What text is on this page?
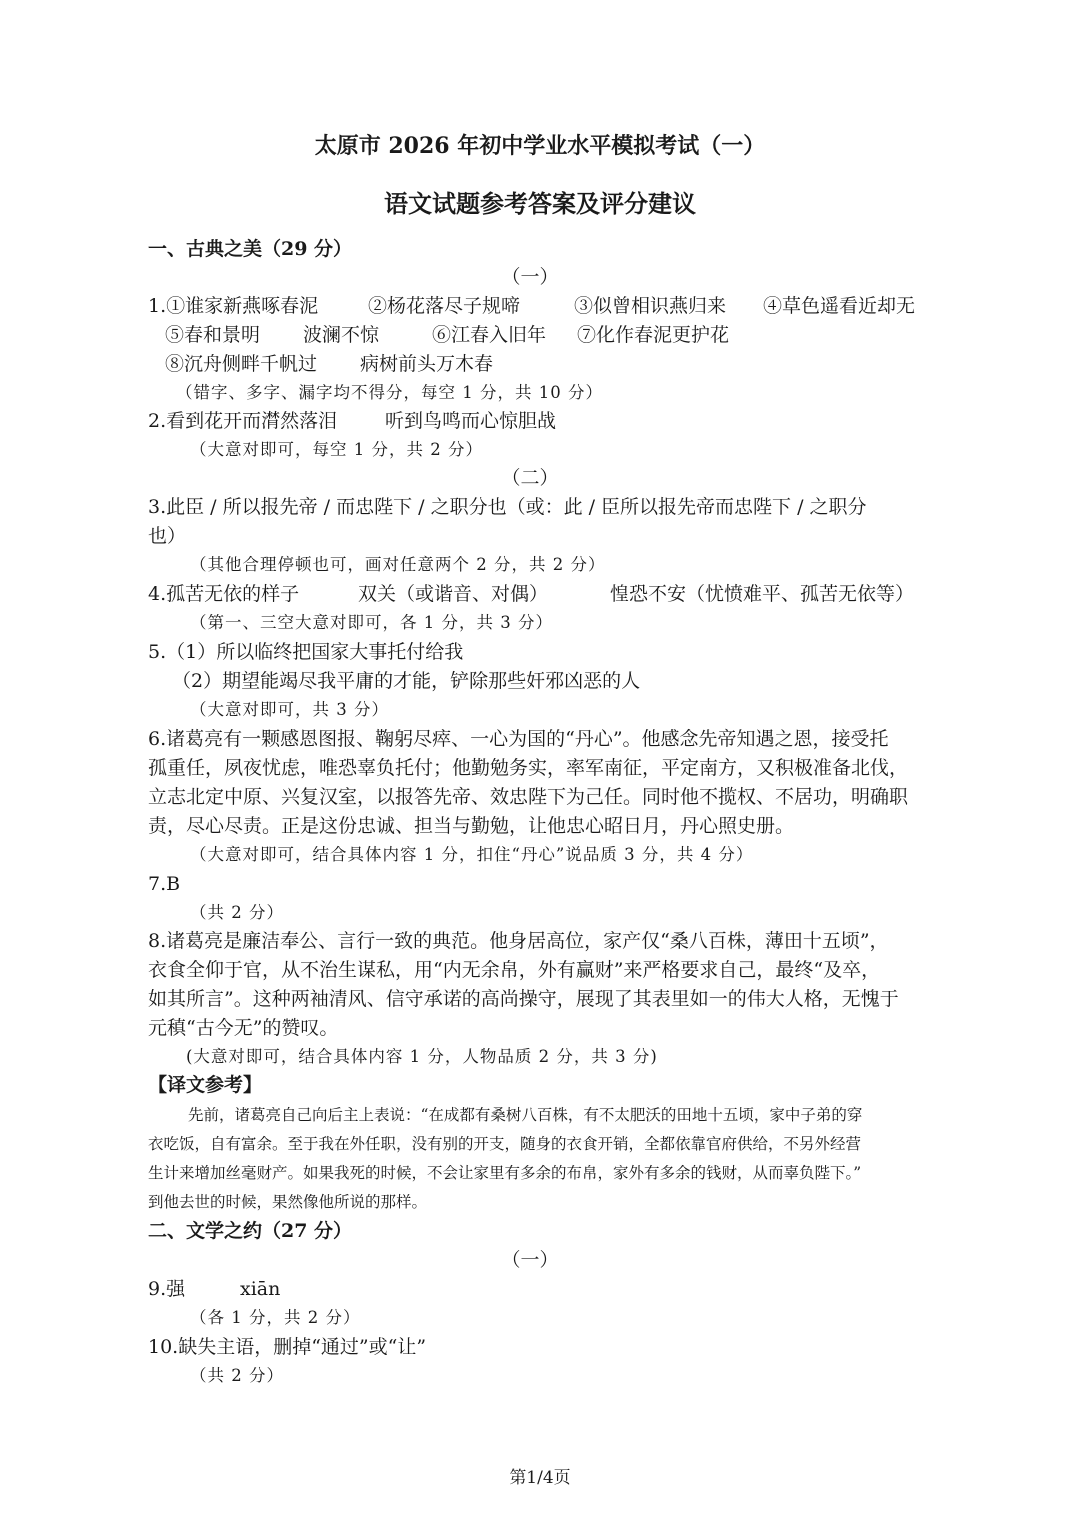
太原市 2026 年初中学业水平模拟考试（一）
语文试题参考答案及评分建议
一、古典之美（29 分）
（一）
1.①谁家新燕啄春泥	②杨花落尽子规啼	③似曾相识燕归来 ④草色遥看近却无
⑤春和景明 波澜不惊	⑥江春入旧年 ⑦化作春泥更护花
⑧沉舟侧畔千帆过 病树前头万木春
（错字、多字、漏字均不得分，每空 1 分，共 10 分）
2.看到花开而潸然落泪	听到鸟鸣而心惊胆战
（大意对即可，每空 1 分，共 2 分）
（二）
3.此臣 / 所以报先帝 / 而忠陛下 / 之职分也（或：此 / 臣所以报先帝而忠陛下 / 之职分
也）
（其他合理停顿也可，画对任意两个 2 分，共 2 分）
4.孤苦无依的样子	双关（或谐音、对偶）	惶恐不安（忧愤难平、孤苦无依等）
（第一、三空大意对即可，各 1 分，共 3 分）
5.（1）所以临终把国家大事托付给我
（2）期望能竭尽我平庸的才能，铲除那些奸邪凶恶的人
（大意对即可，共 3 分）
6.诸葛亮有一颗感恩图报、鞠躬尽瘁、一心为国的“丹心”。他感念先帝知遇之恩，接受托
孤重任，夙夜忧虑，唯恐辜负托付；他勤勉务实，率军南征，平定南方，又积极准备北伐，
立志北定中原、兴复汉室，以报答先帝、效忠陛下为己任。同时他不揽权、不居功，明确职
责，尽心尽责。正是这份忠诚、担当与勤勉，让他忠心昭日月，丹心照史册。
（大意对即可，结合具体内容 1 分，扣住“丹心”说品质 3 分，共 4 分）
7.B
（共 2 分）
8.诸葛亮是廉洁奉公、言行一致的典范。他身居高位，家产仅“桑八百株，薄田十五顷”，
衣食全仰于官，从不治生谋私，用“内无余帛，外有赢财”来严格要求自己，最终“及卒，
如其所言”。这种两袖清风、信守承诺的高尚操守，展现了其表里如一的伟大人格，无愧于
元稹“古今无”的赞叹。
(大意对即可，结合具体内容 1 分，人物品质 2 分，共 3 分)
【译文参考】
先前，诸葛亮自己向后主上表说：“在成都有桑树八百株，有不太肥沃的田地十五顷，家中子弟的穿
衣吃饭，自有富余。至于我在外任职，没有别的开支，随身的衣食开销，全都依靠官府供给，不另外经营
生计来增加丝毫财产。如果我死的时候，不会让家里有多余的布帛，家外有多余的钱财，从而辜负陛下。”
到他去世的时候，果然像他所说的那样。
二、文学之约（27 分）
（一）
9.强	xiān
（各 1 分，共 2 分）
10.缺失主语，删掉“通过”或“让”
（共 2 分）
第1/4页
